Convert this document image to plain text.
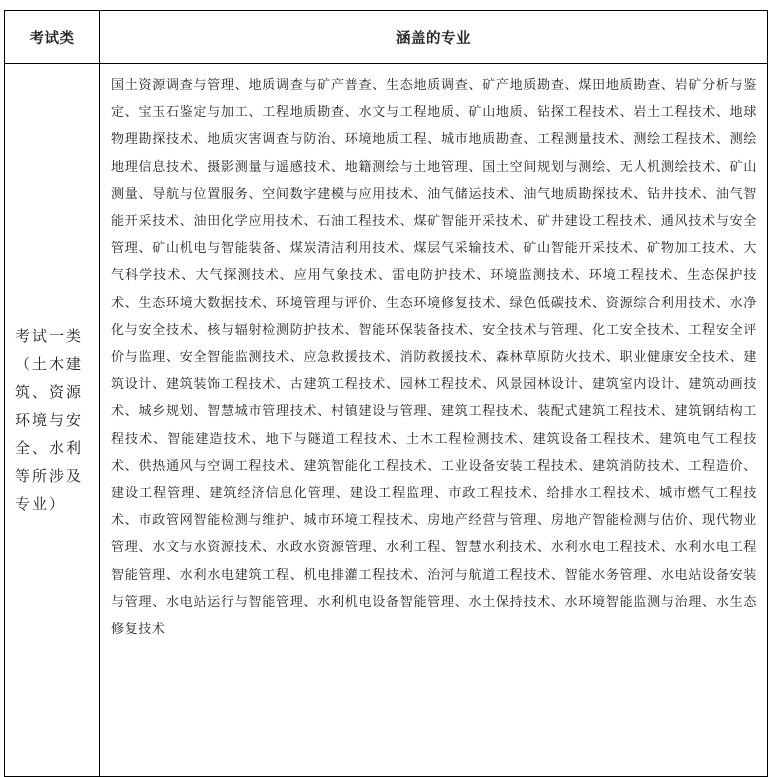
考试类	涵盖的专业

考试一类（土木建筑、资源环境与安全、水利等所涉及专业）	国土资源调查与管理、地质调查与矿产普查、生态地质调查、矿产地质勘查、煤田地质勘查、岩矿分析与鉴定、宝玉石鉴定与加工、工程地质勘查、水文与工程地质、矿山地质、钻探工程技术、岩土工程技术、地球物理勘探技术、地质灾害调查与防治、环境地质工程、城市地质勘查、工程测量技术、测绘工程技术、测绘地理信息技术、摄影测量与遥感技术、地籍测绘与土地管理、国土空间规划与测绘、无人机测绘技术、矿山测量、导航与位置服务、空间数字建模与应用技术、油气储运技术、油气地质勘探技术、钻井技术、油气智能开采技术、油田化学应用技术、石油工程技术、煤矿智能开采技术、矿井建设工程技术、通风技术与安全管理、矿山机电与智能装备、煤炭清洁利用技术、煤层气采输技术、矿山智能开采技术、矿物加工技术、大气科学技术、大气探测技术、应用气象技术、雷电防护技术、环境监测技术、环境工程技术、生态保护技术、生态环境大数据技术、环境管理与评价、生态环境修复技术、绿色低碳技术、资源综合利用技术、水净化与安全技术、核与辐射检测防护技术、智能环保装备技术、安全技术与管理、化工安全技术、工程安全评价与监理、安全智能监测技术、应急救援技术、消防救援技术、森林草原防火技术、职业健康安全技术、建筑设计、建筑装饰工程技术、古建筑工程技术、园林工程技术、风景园林设计、建筑室内设计、建筑动画技术、城乡规划、智慧城市管理技术、村镇建设与管理、建筑工程技术、装配式建筑工程技术、建筑钢结构工程技术、智能建造技术、地下与隧道工程技术、土木工程检测技术、建筑设备工程技术、建筑电气工程技术、供热通风与空调工程技术、建筑智能化工程技术、工业设备安装工程技术、建筑消防技术、工程造价、建设工程管理、建筑经济信息化管理、建设工程监理、市政工程技术、给排水工程技术、城市燃气工程技术、市政管网智能检测与维护、城市环境工程技术、房地产经营与管理、房地产智能检测与估价、现代物业管理、水文与水资源技术、水政水资源管理、水利工程、智慧水利技术、水利水电工程技术、水利水电工程智能管理、水利水电建筑工程、机电排灌工程技术、治河与航道工程技术、智能水务管理、水电站设备安装与管理、水电站运行与智能管理、水利机电设备智能管理、水土保持技术、水环境智能监测与治理、水生态修复技术
